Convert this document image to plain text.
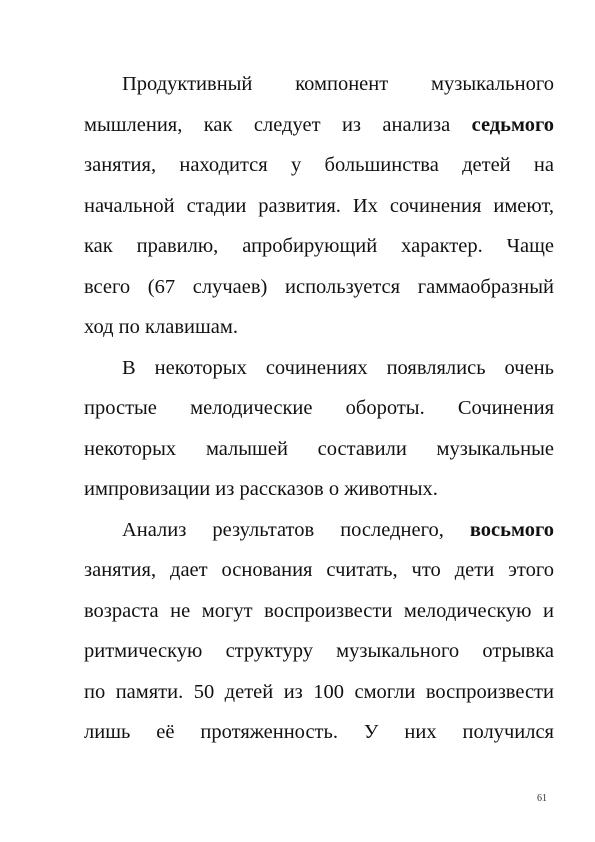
Продуктивный компонент музыкального
мышления, как следует из анализа седьмого
занятия, находится у большинства детей на
начальной стадии развития. Их сочинения имеют,
как правилю, апробирующий характер. Чаще
всего (67 случаев) используется гаммаобразный
ход по клавишам.
В некоторых сочинениях появлялись очень
простые мелодические обороты. Сочинения
некоторых малышей составили музыкальные
импровизации из рассказов о животных.
Анализ результатов последнего, восьмого
занятия, дает основания считать, что дети этого
возраста не могут воспроизвести мелодическую и
ритмическую структуру музыкального отрывка
по памяти. 50 детей из 100 смогли воспроизвести
лишь её протяженность. У них получился
61
